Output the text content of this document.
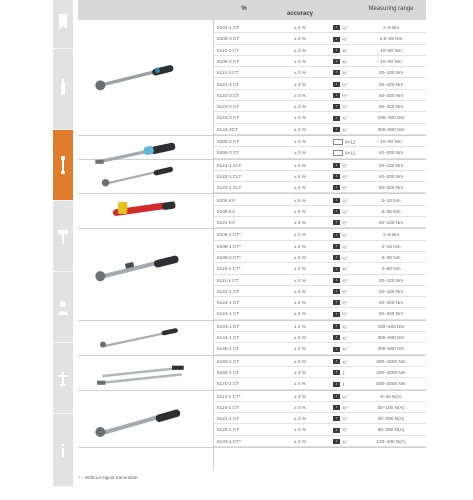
%
accuracy
Measuring range
5101-1 CT	± 4 %	▪ ¼"	1–5 Nm
5108-3 CT	± 3 %	▪ ¼"	2,5–25 Nm
5110-3 CT	± 3 %	▪ ⅜"	10–50 Nm
5108-3 CT	± 3 %	▪ ⅜"	10–50 Nm
5111-3 CT	± 3 %	▪ ⅜"	20–100 Nm
5121-3 CT	± 3 %	▪ ½"	20–120 Nm
5122-3 CT	± 3 %	▪ ½"	40–200 Nm
5123-3 CT	± 3 %	▪ ½"	60–320 Nm
5143-3 CT	± 3 %	▪ ¾"	100–400 Nm
5144-3CT	± 3 %	▪ ¾"	300–800 Nm
5290-3 CT	± 3 %	9×12	10–50 Nm
5295-3 CT	± 3 %	9×12	40–200 Nm
5121-1 CLT	± 4 %	▪ ½"	20–120 Nm
5122-1 CLT	± 4 %	▪ ½"	40–200 Nm
5123-1 CLT	± 4 %	▪ ½"	60–320 Nm
5106 KV	± 6 %	▪ ¼"	2–10 Nm
5108 KV	± 6 %	▪ ¼"	5–25 Nm
5121 KV	± 4 %	▪ ½"	20–120 Nm
6106-1 CT*	± 2 %	▪ ¼"	1–6 Nm
6108-1 CT*	± 2 %	▪ ¼"	2–10 Nm
6109-2 CT*	± 2 %	▪ ¼"	6–30 Nm
6110-1 CT*	± 2 %	▪ ⅜"	4–60 Nm
6111-1 CT	± 2 %	▪ ½"	20–120 Nm
6121-1 CT	± 2 %	▪ ½"	20–120 Nm
6122-1 CT	± 2 %	▪ ½"	40–200 Nm
6123-1 CT	± 2 %	▪ ½"	60–320 Nm
6143-1 CT	± 2 %	▪ ¾"	100–400 Nm
6144-1 CT	± 2 %	▪ ¾"	300–600 Nm
6145-1 CT	± 2 %	▪ ¾"	300–800 Nm
6160-1 CT	± 3 %	▪ ¾"	400–1000 Nm
6160-1 CT	± 3 %	▪ 1	400–1000 Nm
6170-1 CT	± 4 %	▪ 1	600–2000 Nm
6114-1 CT*	± 3 %	▪ ¼"	5–40 N(A)
6115-1 CT	± 3 %	▪ ⅜"	20–100 N(A)
6121-1 CT	± 3 %	▪ ½"	40–200 N(A)
6126-1 CT	± 3 %	▪ ½"	50–250 N(A)
6133-1 CT*	± 3 %	▪ ¾"	120–400 N(A)
* – Without signal transmitter
